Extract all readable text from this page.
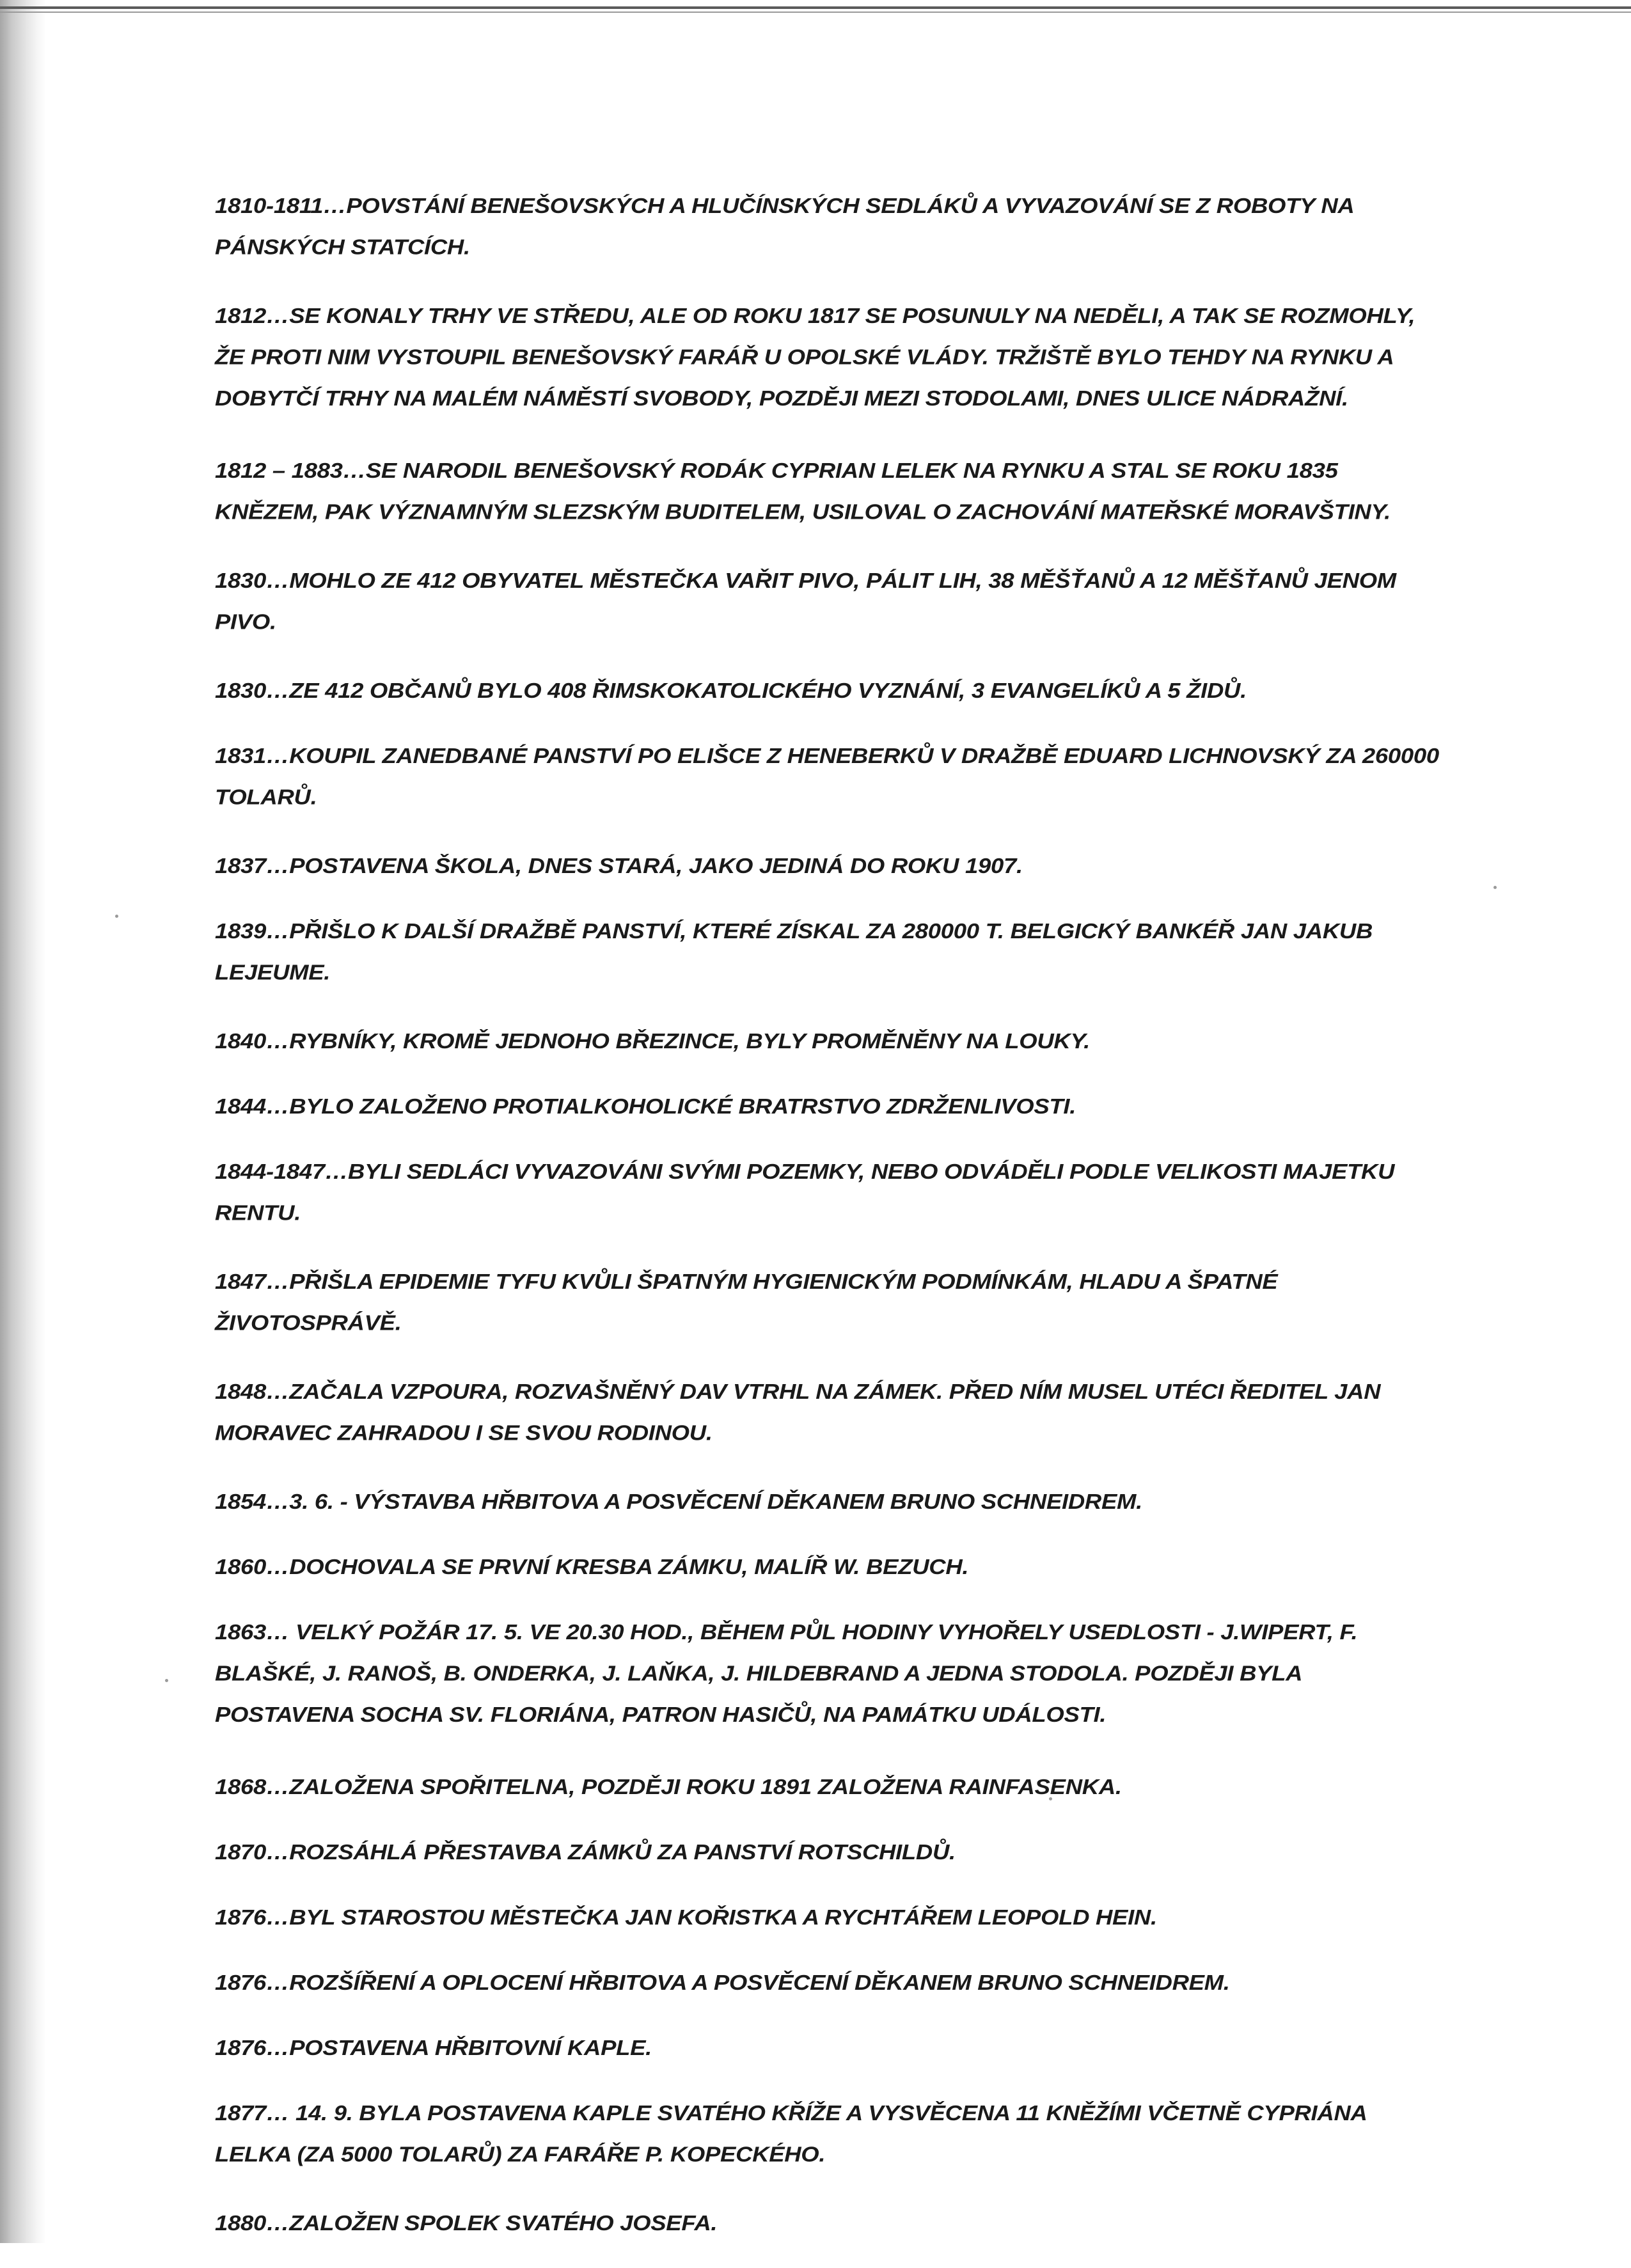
1810-1811…POVSTÁNÍ BENEŠOVSKÝCH A HLUČÍNSKÝCH SEDLÁKŮ A VYVAZOVÁNÍ SE Z ROBOTY NA PÁNSKÝCH STATCÍCH.

1812…SE KONALY TRHY VE STŘEDU, ALE OD ROKU 1817 SE POSUNULY NA NEDĚLI, A TAK SE ROZMOHLY, ŽE PROTI NIM VYSTOUPIL BENEŠOVSKÝ FARÁŘ U OPOLSKÉ VLÁDY. TRŽIŠTĚ BYLO TEHDY NA RYNKU A DOBYTČÍ TRHY NA MALÉM NÁMĚSTÍ SVOBODY, POZDĚJI MEZI STODOLAMI, DNES ULICE NÁDRAŽNÍ.

1812 – 1883…SE NARODIL BENEŠOVSKÝ RODÁK CYPRIAN LELEK NA RYNKU A STAL SE ROKU 1835 KNĚZEM, PAK VÝZNAMNÝM SLEZSKÝM BUDITELEM, USILOVAL O ZACHOVÁNÍ MATEŘSKÉ MORAVŠTINY.

1830…MOHLO ZE 412 OBYVATEL MĚSTEČKA VAŘIT PIVO, PÁLIT LIH, 38 MĚŠŤANŮ A 12 MĚŠŤANŮ JENOM PIVO.

1830…ZE 412 OBČANŮ BYLO 408 ŘIMSKOKATOLICKÉHO VYZNÁNÍ, 3 EVANGELÍKŮ A 5 ŽIDŮ.

1831…KOUPIL ZANEDBANÉ PANSTVÍ PO ELIŠCE Z HENEBERKŮ V DRAŽBĚ EDUARD LICHNOVSKÝ ZA 260000 TOLARŮ.

1837…POSTAVENA ŠKOLA, DNES STARÁ, JAKO JEDINÁ DO ROKU 1907.

1839…PŘIŠLO K DALŠÍ DRAŽBĚ PANSTVÍ, KTERÉ ZÍSKAL ZA 280000 T. BELGICKÝ BANKÉŘ JAN JAKUB LEJEUME.

1840…RYBNÍKY, KROMĚ JEDNOHO BŘEZINCE, BYLY PROMĚNĚNY NA LOUKY.

1844…BYLO ZALOŽENO PROTIALKOHOLICKÉ BRATRSTVO ZDRŽENLIVOSTI.

1844-1847…BYLI SEDLÁCI VYVAZOVÁNI SVÝMI POZEMKY, NEBO ODVÁDĚLI PODLE VELIKOSTI MAJETKU RENTU.

1847…PŘIŠLA EPIDEMIE TYFU KVŮLI ŠPATNÝM HYGIENICKÝM PODMÍNKÁM, HLADU A ŠPATNÉ ŽIVOTOSPRÁVĚ.

1848…ZAČALA VZPOURA, ROZVAŠNĚNÝ DAV VTRHL NA ZÁMEK. PŘED NÍM MUSEL UTÉCI ŘEDITEL JAN MORAVEC ZAHRADOU I SE SVOU RODINOU.

1854…3. 6. - VÝSTAVBA HŘBITOVA A POSVĚCENÍ DĚKANEM BRUNO SCHNEIDREM.

1860…DOCHOVALA SE PRVNÍ KRESBA ZÁMKU, MALÍŘ W. BEZUCH.

1863… VELKÝ POŽÁR 17. 5. VE 20.30 HOD., BĚHEM PŮL HODINY VYHOŘELY USEDLOSTI - J.WIPERT, F. BLAŠKÉ, J. RANOŠ, B. ONDERKA, J. LAŇKA, J. HILDEBRAND A JEDNA STODOLA. POZDĚJI BYLA POSTAVENA SOCHA SV. FLORIÁNA, PATRON HASIČŮ, NA PAMÁTKU UDÁLOSTI.

1868…ZALOŽENA SPOŘITELNA, POZDĚJI ROKU 1891 ZALOŽENA RAINFASENKA.

1870…ROZSÁHLÁ PŘESTAVBA ZÁMKŮ ZA PANSTVÍ ROTSCHILDŮ.

1876…BYL STAROSTOU MĚSTEČKA JAN KOŘISTKA A RYCHTÁŘEM LEOPOLD HEIN.

1876…ROZŠÍŘENÍ A OPLOCENÍ HŘBITOVA A POSVĚCENÍ DĚKANEM BRUNO SCHNEIDREM.

1876…POSTAVENA HŘBITOVNÍ KAPLE.

1877… 14. 9. BYLA POSTAVENA KAPLE SVATÉHO KŘÍŽE A VYSVĚCENA 11 KNĚŽÍMI VČETNĚ CYPRIÁNA LELKA (ZA 5000 TOLARŮ) ZA FARÁŘE P. KOPECKÉHO.

1880…ZALOŽEN SPOLEK SVATÉHO JOSEFA.
